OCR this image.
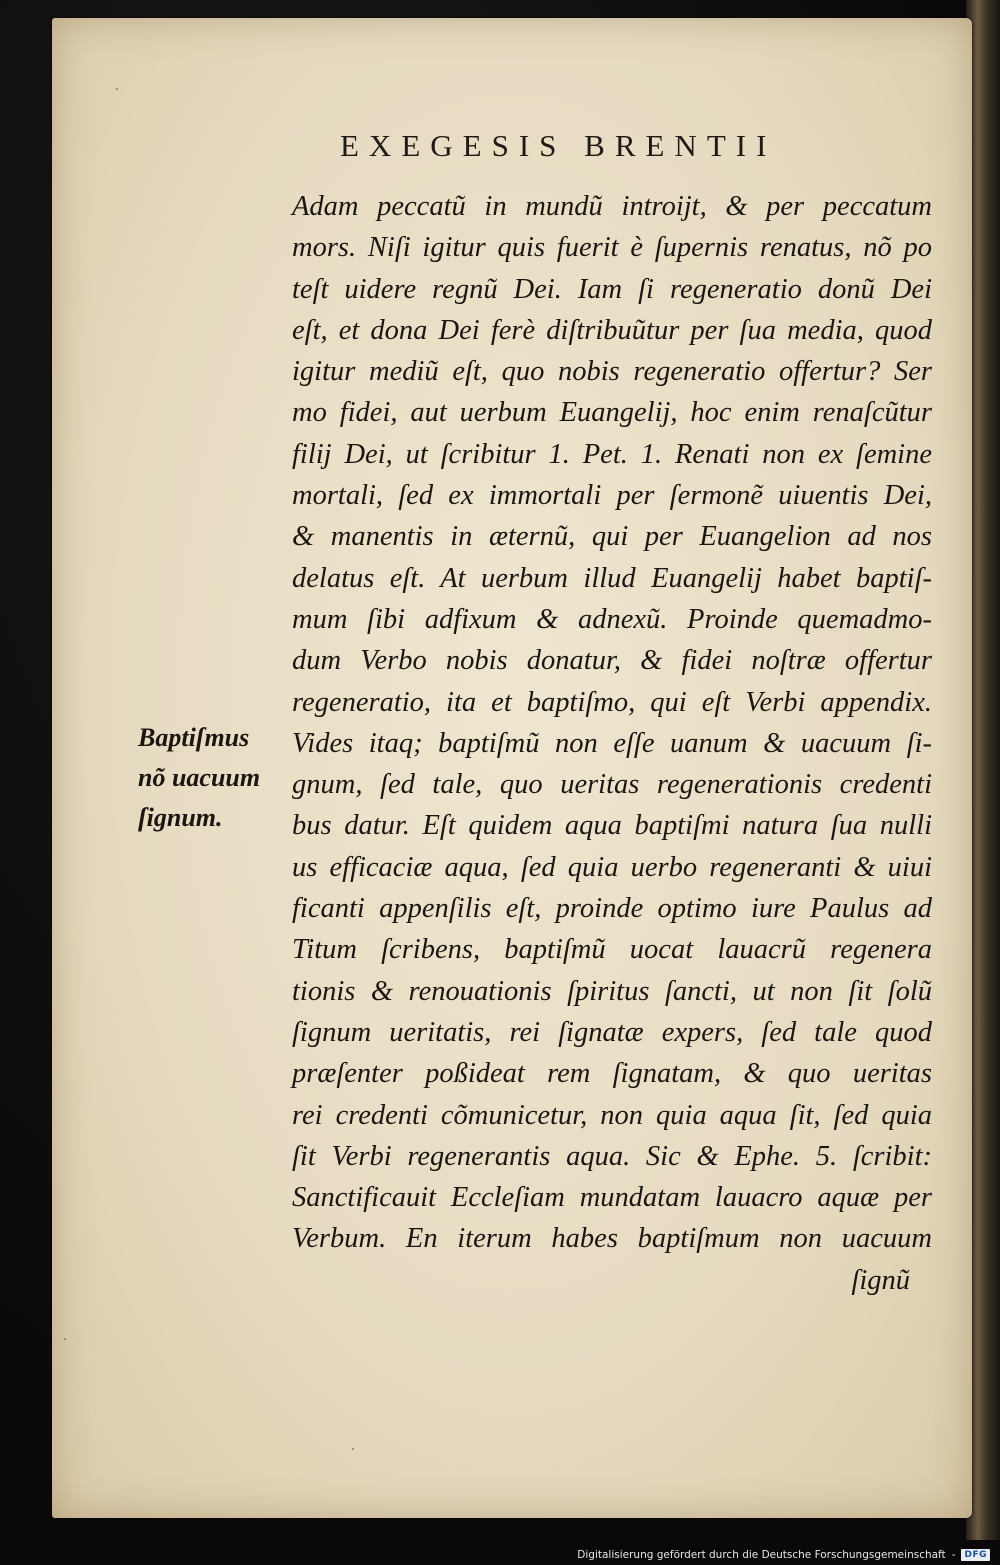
EXEGESIS BRENTII
Baptiſmus
nõ uacuum
ſignum.
Adam peccatũ in mundũ introijt, & per peccatum
mors. Niſi igitur quis fuerit è ſupernis renatus, nõ po
teſt uidere regnũ Dei. Iam ſi regeneratio donũ Dei
eſt, et dona Dei ferè diſtribuũtur per ſua media, quod
igitur mediũ eſt, quo nobis regeneratio offertur? Ser
mo fidei, aut uerbum Euangelij, hoc enim renaſcũtur
filij Dei, ut ſcribitur 1. Pet. 1. Renati non ex ſemine
mortali, ſed ex immortali per ſermonẽ uiuentis Dei,
& manentis in æternũ, qui per Euangelion ad nos
delatus eſt. At uerbum illud Euangelij habet baptiſ-
mum ſibi adfixum & adnexũ. Proinde quemadmo-
dum Verbo nobis donatur, & fidei noſtræ offertur
regeneratio, ita et baptiſmo, qui eſt Verbi appendix.
Vides itaq; baptiſmũ non eſſe uanum & uacuum ſi-
gnum, ſed tale, quo ueritas regenerationis credenti
bus datur. Eſt quidem aqua baptiſmi natura ſua nulli
us efficaciæ aqua, ſed quia uerbo regeneranti & uiui
ficanti appenſilis eſt, proinde optimo iure Paulus ad
Titum ſcribens, baptiſmũ uocat lauacrũ regenera
tionis & renouationis ſpiritus ſancti, ut non ſit ſolũ
ſignum ueritatis, rei ſignatæ expers, ſed tale quod
præſenter poßideat rem ſignatam, & quo ueritas
rei credenti cõmunicetur, non quia aqua ſit, ſed quia
ſit Verbi regenerantis aqua. Sic & Ephe. 5. ſcribit:
Sanctificauit Eccleſiam mundatam lauacro aquæ per
Verbum. En iterum habes baptiſmum non uacuum
ſignũ
Digitalisierung gefördert durch die Deutsche Forschungsgemeinschaft -	DFG
